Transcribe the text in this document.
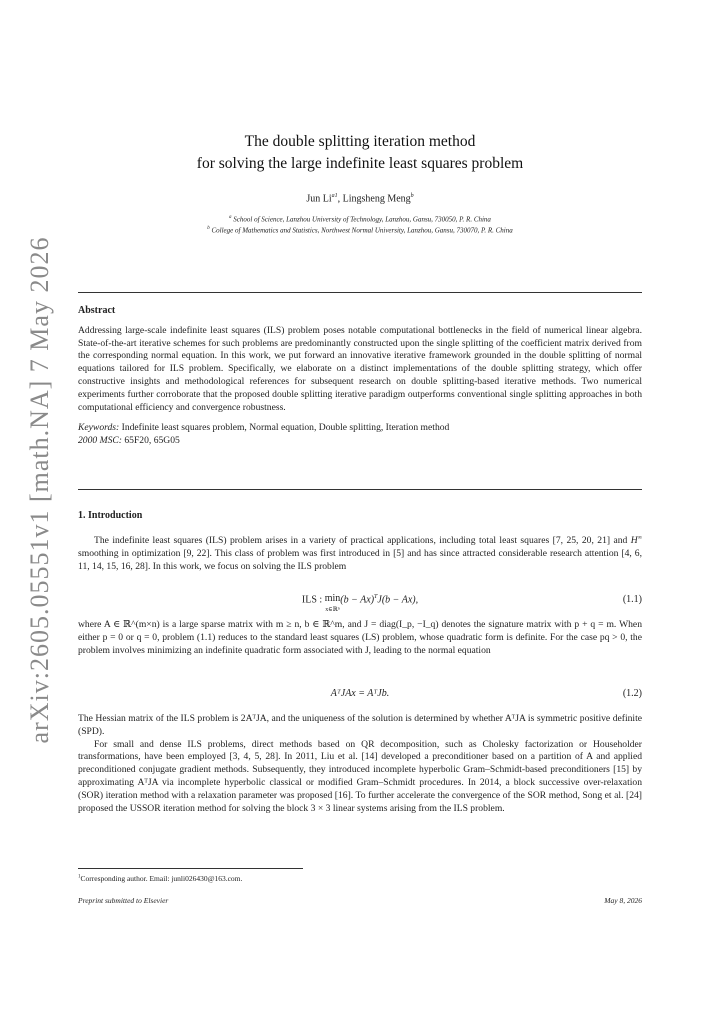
arXiv:2605.05551v1 [math.NA] 7 May 2026
The double splitting iteration method
for solving the large indefinite least squares problem
Jun $Li^{a1}$, Lingsheng Meng$^b$
$^a$ School of Science, Lanzhou University of Technology, Lanzhou, Gansu, 730050, P. R. China
$^b$ College of Mathematics and Statistics, Northwest Normal University, Lanzhou, Gansu, 730070, P. R. China
Abstract

Addressing large-scale indefinite least squares (ILS) problem poses notable computational bottlenecks in the field of numerical linear algebra. State-of-the-art iterative schemes for such problems are predominantly constructed upon the single splitting of the coefficient matrix derived from the corresponding normal equation. In this work, we put forward an innovative iterative framework grounded in the double splitting of normal equations tailored for ILS problem. Specifically, we elaborate on a distinct implementations of the double splitting strategy, which offer constructive insights and methodological references for subsequent research on double splitting-based iterative methods. Two numerical experiments further corroborate that the proposed double splitting iterative paradigm outperforms conventional single splitting approaches in both computational efficiency and convergence robustness.

Keywords: Indefinite least squares problem, Normal equation, Double splitting, Iteration method

2000 MSC: 65F20, 65G05

1. Introduction

The indefinite least squares (ILS) problem arises in a variety of practical applications, including total least squares [7, 25, 20, 21] and H∞ smoothing in optimization [9, 22]. This class of problem was first introduced in [5] and has since attracted considerable research attention [4, 6, 11, 14, 15, 16, 28]. In this work, we focus on solving the ILS problem

ILS : min
x∈ℝⁿ(b − Ax)$^T$J(b − Ax),	(1.1)

where A ∈ ℝ^(m×n) is a large sparse matrix with m ≥ n, b ∈ ℝ^m, and J = diag(I_p, −I_q) denotes the signature matrix with p + q = m. When either p = 0 or q = 0, problem (1.1) reduces to the standard least squares (LS) problem, whose quadratic form is definite. For the case pq > 0, the problem involves minimizing an indefinite quadratic form associated with J, leading to the normal equation

AᵀJAx = AᵀJb.	(1.2)

The Hessian matrix of the ILS problem is 2AᵀJA, and the uniqueness of the solution is determined by whether AᵀJA is symmetric positive definite (SPD).

For small and dense ILS problems, direct methods based on QR decomposition, such as Cholesky factorization or Householder transformations, have been employed [3, 4, 5, 28]. In 2011, Liu et al. [14] developed a preconditioner based on a partition of A and applied preconditioned conjugate gradient methods. Subsequently, they introduced incomplete hyperbolic Gram–Schmidt-based preconditioners [15] by approximating AᵀJA via incomplete hyperbolic classical or modified Gram–Schmidt procedures. In 2014, a block successive over-relaxation (SOR) iteration method with a relaxation parameter was proposed [16]. To further accelerate the convergence of the SOR method, Song et al. [24] proposed the USSOR iteration method for solving the block 3 × 3 linear systems arising from the ILS problem.

$^1$Corresponding author. Email: junli026430@163.com.
Preprint submitted to Elsevier	May 8, 2026
